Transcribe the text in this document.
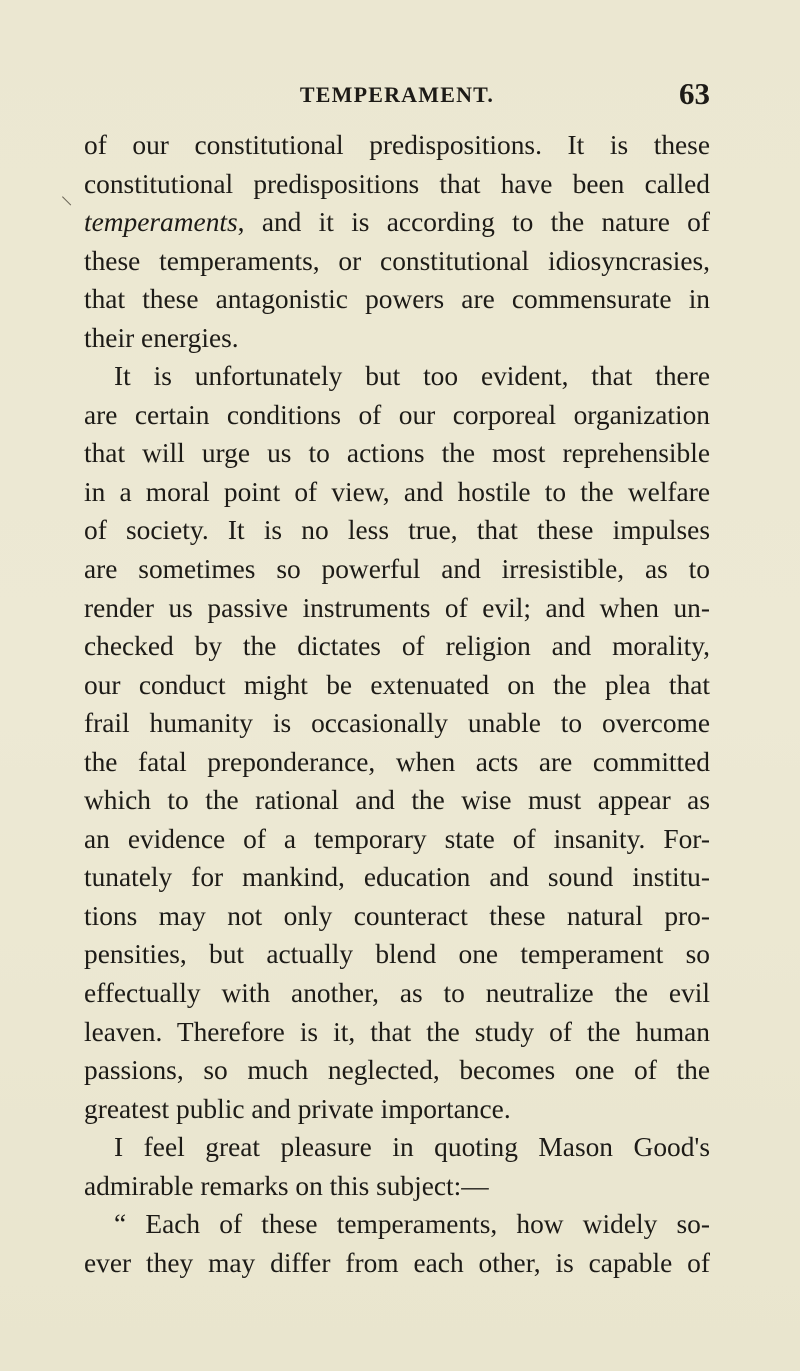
TEMPERAMENT.	63
of our constitutional predispositions. It is these
constitutional predispositions that have been called
temperaments, and it is according to the nature of
these temperaments, or constitutional idiosyncrasies,
that these antagonistic powers are commensurate in
their energies.
It is unfortunately but too evident, that there
are certain conditions of our corporeal organization
that will urge us to actions the most reprehensible
in a moral point of view, and hostile to the welfare
of society. It is no less true, that these impulses
are sometimes so powerful and irresistible, as to
render us passive instruments of evil; and when un-
checked by the dictates of religion and morality,
our conduct might be extenuated on the plea that
frail humanity is occasionally unable to overcome
the fatal preponderance, when acts are committed
which to the rational and the wise must appear as
an evidence of a temporary state of insanity. For-
tunately for mankind, education and sound institu-
tions may not only counteract these natural pro-
pensities, but actually blend one temperament so
effectually with another, as to neutralize the evil
leaven. Therefore is it, that the study of the human
passions, so much neglected, becomes one of the
greatest public and private importance.
I feel great pleasure in quoting Mason Good's
admirable remarks on this subject:—
“ Each of these temperaments, how widely so-
ever they may differ from each other, is capable of
